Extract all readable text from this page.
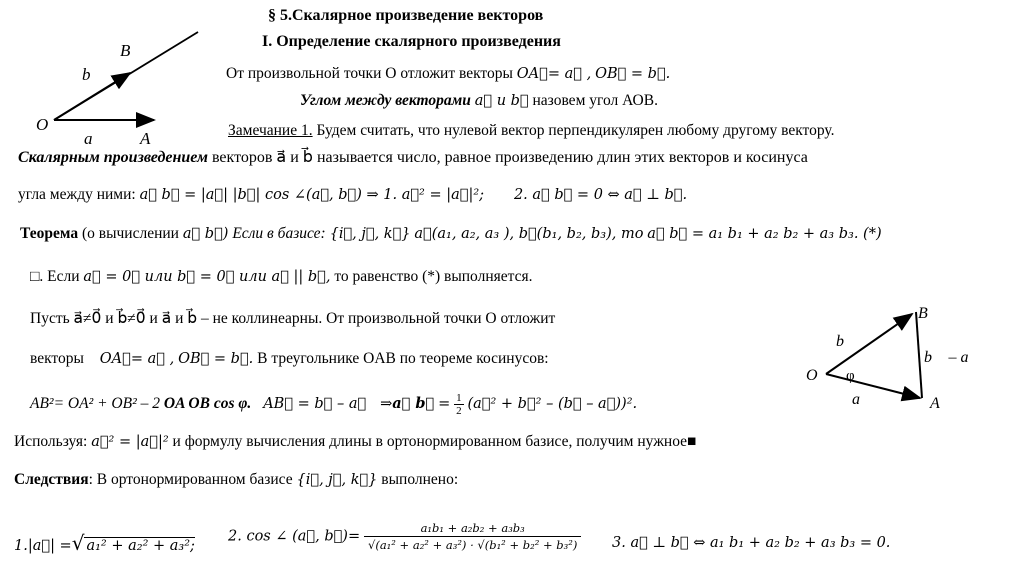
§ 5.Скалярное произведение векторов
I. Определение скалярного произведения
b⃗
B
O
a⃗ A
От произвольной точки O отложит векторы OA⃗= a⃗ , OB⃗ = b⃗.
Углом между векторами a⃗ и b⃗ назовем угол АОВ.
Замечание 1. Будем считать, что нулевой вектор перпендикулярен любому другому вектору.
Скалярным произведением векторов a⃗ и b⃗ называется число, равное произведению длин этих векторов и косинуса
угла между ними: a⃗ b⃗ = |a⃗| |b⃗| cos ∠(a⃗, b⃗) ⇒ 1. a⃗² = |a⃗|²; 2. a⃗ b⃗ = 0 ⇔ a⃗ ⊥ b⃗.
Теорема (о вычислении a⃗ b⃗) Если в базисе: {i⃗, j⃗, k⃗} a⃗(a₁, a₂, a₃ ), b⃗(b₁, b₂, b₃), то a⃗ b⃗ = a₁ b₁ + a₂ b₂ + a₃ b₃. (*)
□. Если a⃗ = 0⃗ или b⃗ = 0⃗ или a⃗ || b⃗, то равенство (*) выполняется.
Пусть a⃗≠0⃗ и b⃗≠0⃗ и a⃗ и b⃗ – не коллинеарны. От произвольной точки O отложит
векторы OA⃗= a⃗ , OB⃗ = b⃗. В треугольнике OAB по теореме косинусов:
AB²= OA² + OB² – 2 OA OB cos φ. AB⃗ = b⃗ – a⃗ ⇒a⃗ b⃗ = $\frac{1}{2}$ (a⃗² + b⃗² – (b⃗ – a⃗))².
B
O
A
b⃗
a⃗
b⃗ – a⃗
φ
Используя: a⃗² = |a⃗|² и формулу вычисления длины в ортонормированном базисе, получим нужное■
Следствия: В ортонормированном базисе {i⃗, j⃗, k⃗} выполнено:
1.|a⃗| =√ a₁² + a₂² + a₃²;
2. cos ∠ (a⃗, b⃗)= $\frac{\text{a₁b₁ + a₂b₂ + a₃b₃}}{\text{√(a₁² + a₂² + a₃²) · √(b₁² + b₂² + b₃²)}} 3$. a⃗ ⊥ b⃗ ⇔ a₁ b₁ + a₂ b₂ + a₃ b₃ = 0.
